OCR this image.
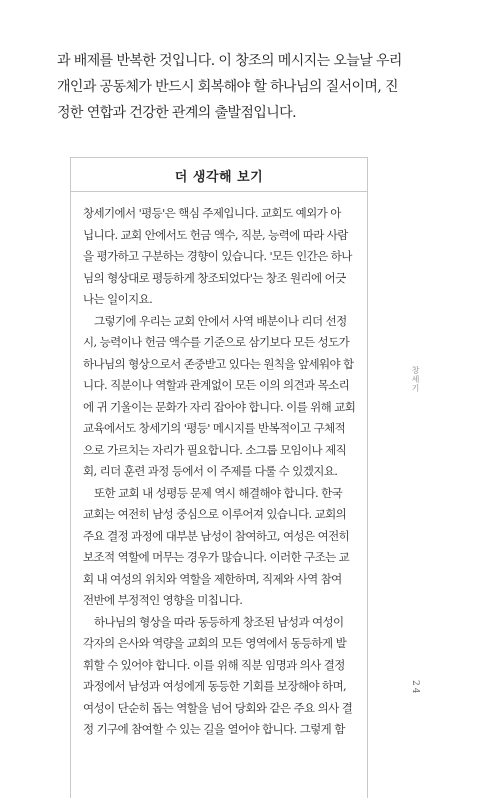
과 배제를 반복한 것입니다. 이 창조의 메시지는 오늘날 우리
개인과 공동체가 반드시 회복해야 할 하나님의 질서이며, 진
정한 연합과 건강한 관계의 출발점입니다.
더 생각해 보기
창세기에서 '평등'은 핵심 주제입니다. 교회도 예외가 아
닙니다. 교회 안에서도 헌금 액수, 직분, 능력에 따라 사람
을 평가하고 구분하는 경향이 있습니다. '모든 인간은 하나
님의 형상대로 평등하게 창조되었다'는 창조 원리에 어긋
나는 일이지요.
그렇기에 우리는 교회 안에서 사역 배분이나 리더 선정
시, 능력이나 헌금 액수를 기준으로 삼기보다 모든 성도가
하나님의 형상으로서 존중받고 있다는 원칙을 앞세워야 합
니다. 직분이나 역할과 관계없이 모든 이의 의견과 목소리
에 귀 기울이는 문화가 자리 잡아야 합니다. 이를 위해 교회
교육에서도 창세기의 '평등' 메시지를 반복적이고 구체적
으로 가르치는 자리가 필요합니다. 소그룹 모임이나 제직
회, 리더 훈련 과정 등에서 이 주제를 다룰 수 있겠지요.
또한 교회 내 성평등 문제 역시 해결해야 합니다. 한국
교회는 여전히 남성 중심으로 이루어져 있습니다. 교회의
주요 결정 과정에 대부분 남성이 참여하고, 여성은 여전히
보조적 역할에 머무는 경우가 많습니다. 이러한 구조는 교
회 내 여성의 위치와 역할을 제한하며, 직제와 사역 참여
전반에 부정적인 영향을 미칩니다.
하나님의 형상을 따라 동등하게 창조된 남성과 여성이
각자의 은사와 역량을 교회의 모든 영역에서 동등하게 발
휘할 수 있어야 합니다. 이를 위해 직분 임명과 의사 결정
과정에서 남성과 여성에게 동등한 기회를 보장해야 하며,
여성이 단순히 돕는 역할을 넘어 당회와 같은 주요 의사 결
정 기구에 참여할 수 있는 길을 열어야 합니다. 그렇게 함
창세기
24
